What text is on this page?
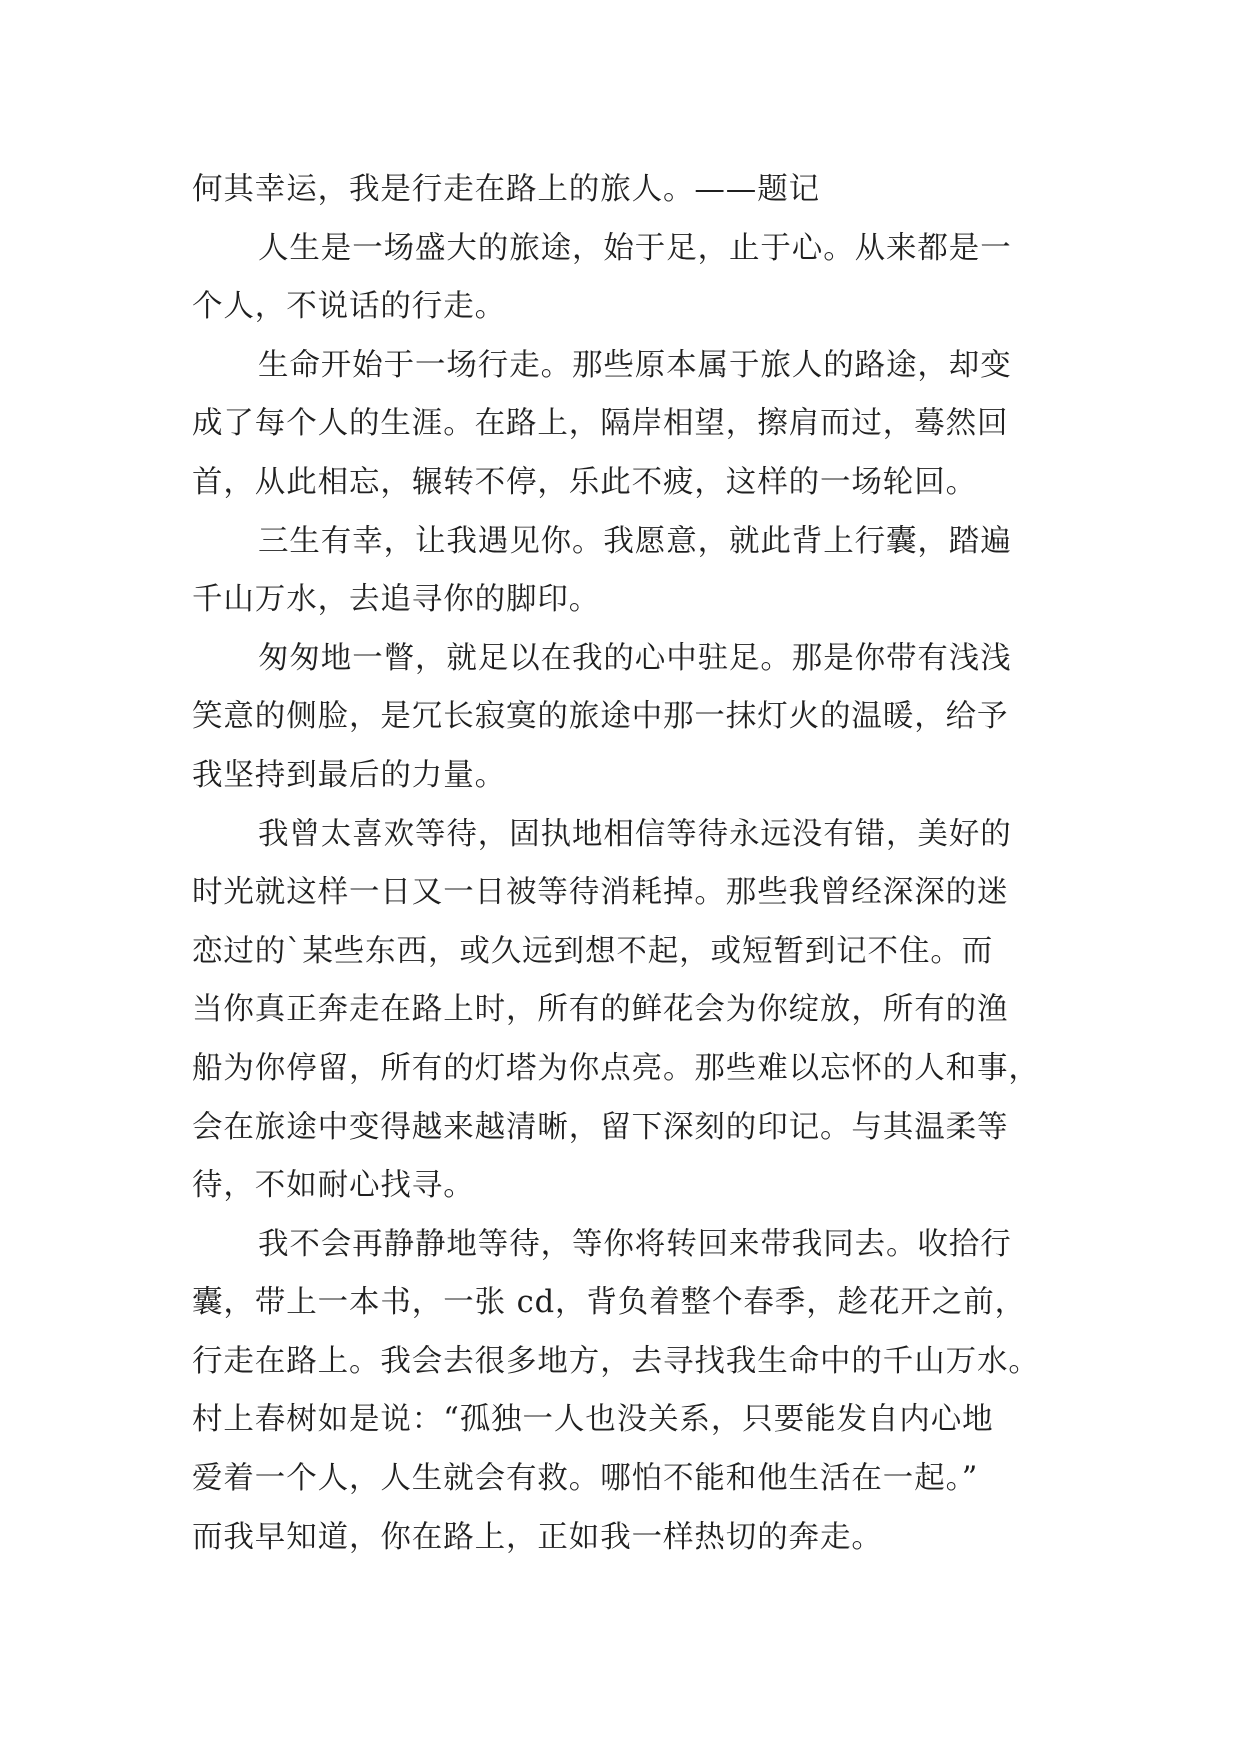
何其幸运，我是行走在路上的旅人。——题记
人生是一场盛大的旅途，始于足，止于心。从来都是一
个人，不说话的行走。
生命开始于一场行走。那些原本属于旅人的路途，却变
成了每个人的生涯。在路上，隔岸相望，擦肩而过，蓦然回
首，从此相忘，辗转不停，乐此不疲，这样的一场轮回。
三生有幸，让我遇见你。我愿意，就此背上行囊，踏遍
千山万水，去追寻你的脚印。
匆匆地一瞥，就足以在我的心中驻足。那是你带有浅浅
笑意的侧脸，是冗长寂寞的旅途中那一抹灯火的温暖，给予
我坚持到最后的力量。
我曾太喜欢等待，固执地相信等待永远没有错，美好的
时光就这样一日又一日被等待消耗掉。那些我曾经深深的迷
恋过的`某些东西，或久远到想不起，或短暂到记不住。而
当你真正奔走在路上时，所有的鲜花会为你绽放，所有的渔
船为你停留，所有的灯塔为你点亮。那些难以忘怀的人和事，
会在旅途中变得越来越清晰，留下深刻的印记。与其温柔等
待，不如耐心找寻。
我不会再静静地等待，等你将转回来带我同去。收拾行
囊，带上一本书，一张 cd，背负着整个春季，趁花开之前，
行走在路上。我会去很多地方，去寻找我生命中的千山万水。
村上春树如是说：“孤独一人也没关系，只要能发自内心地
爱着一个人，人生就会有救。哪怕不能和他生活在一起。”
而我早知道，你在路上，正如我一样热切的奔走。
